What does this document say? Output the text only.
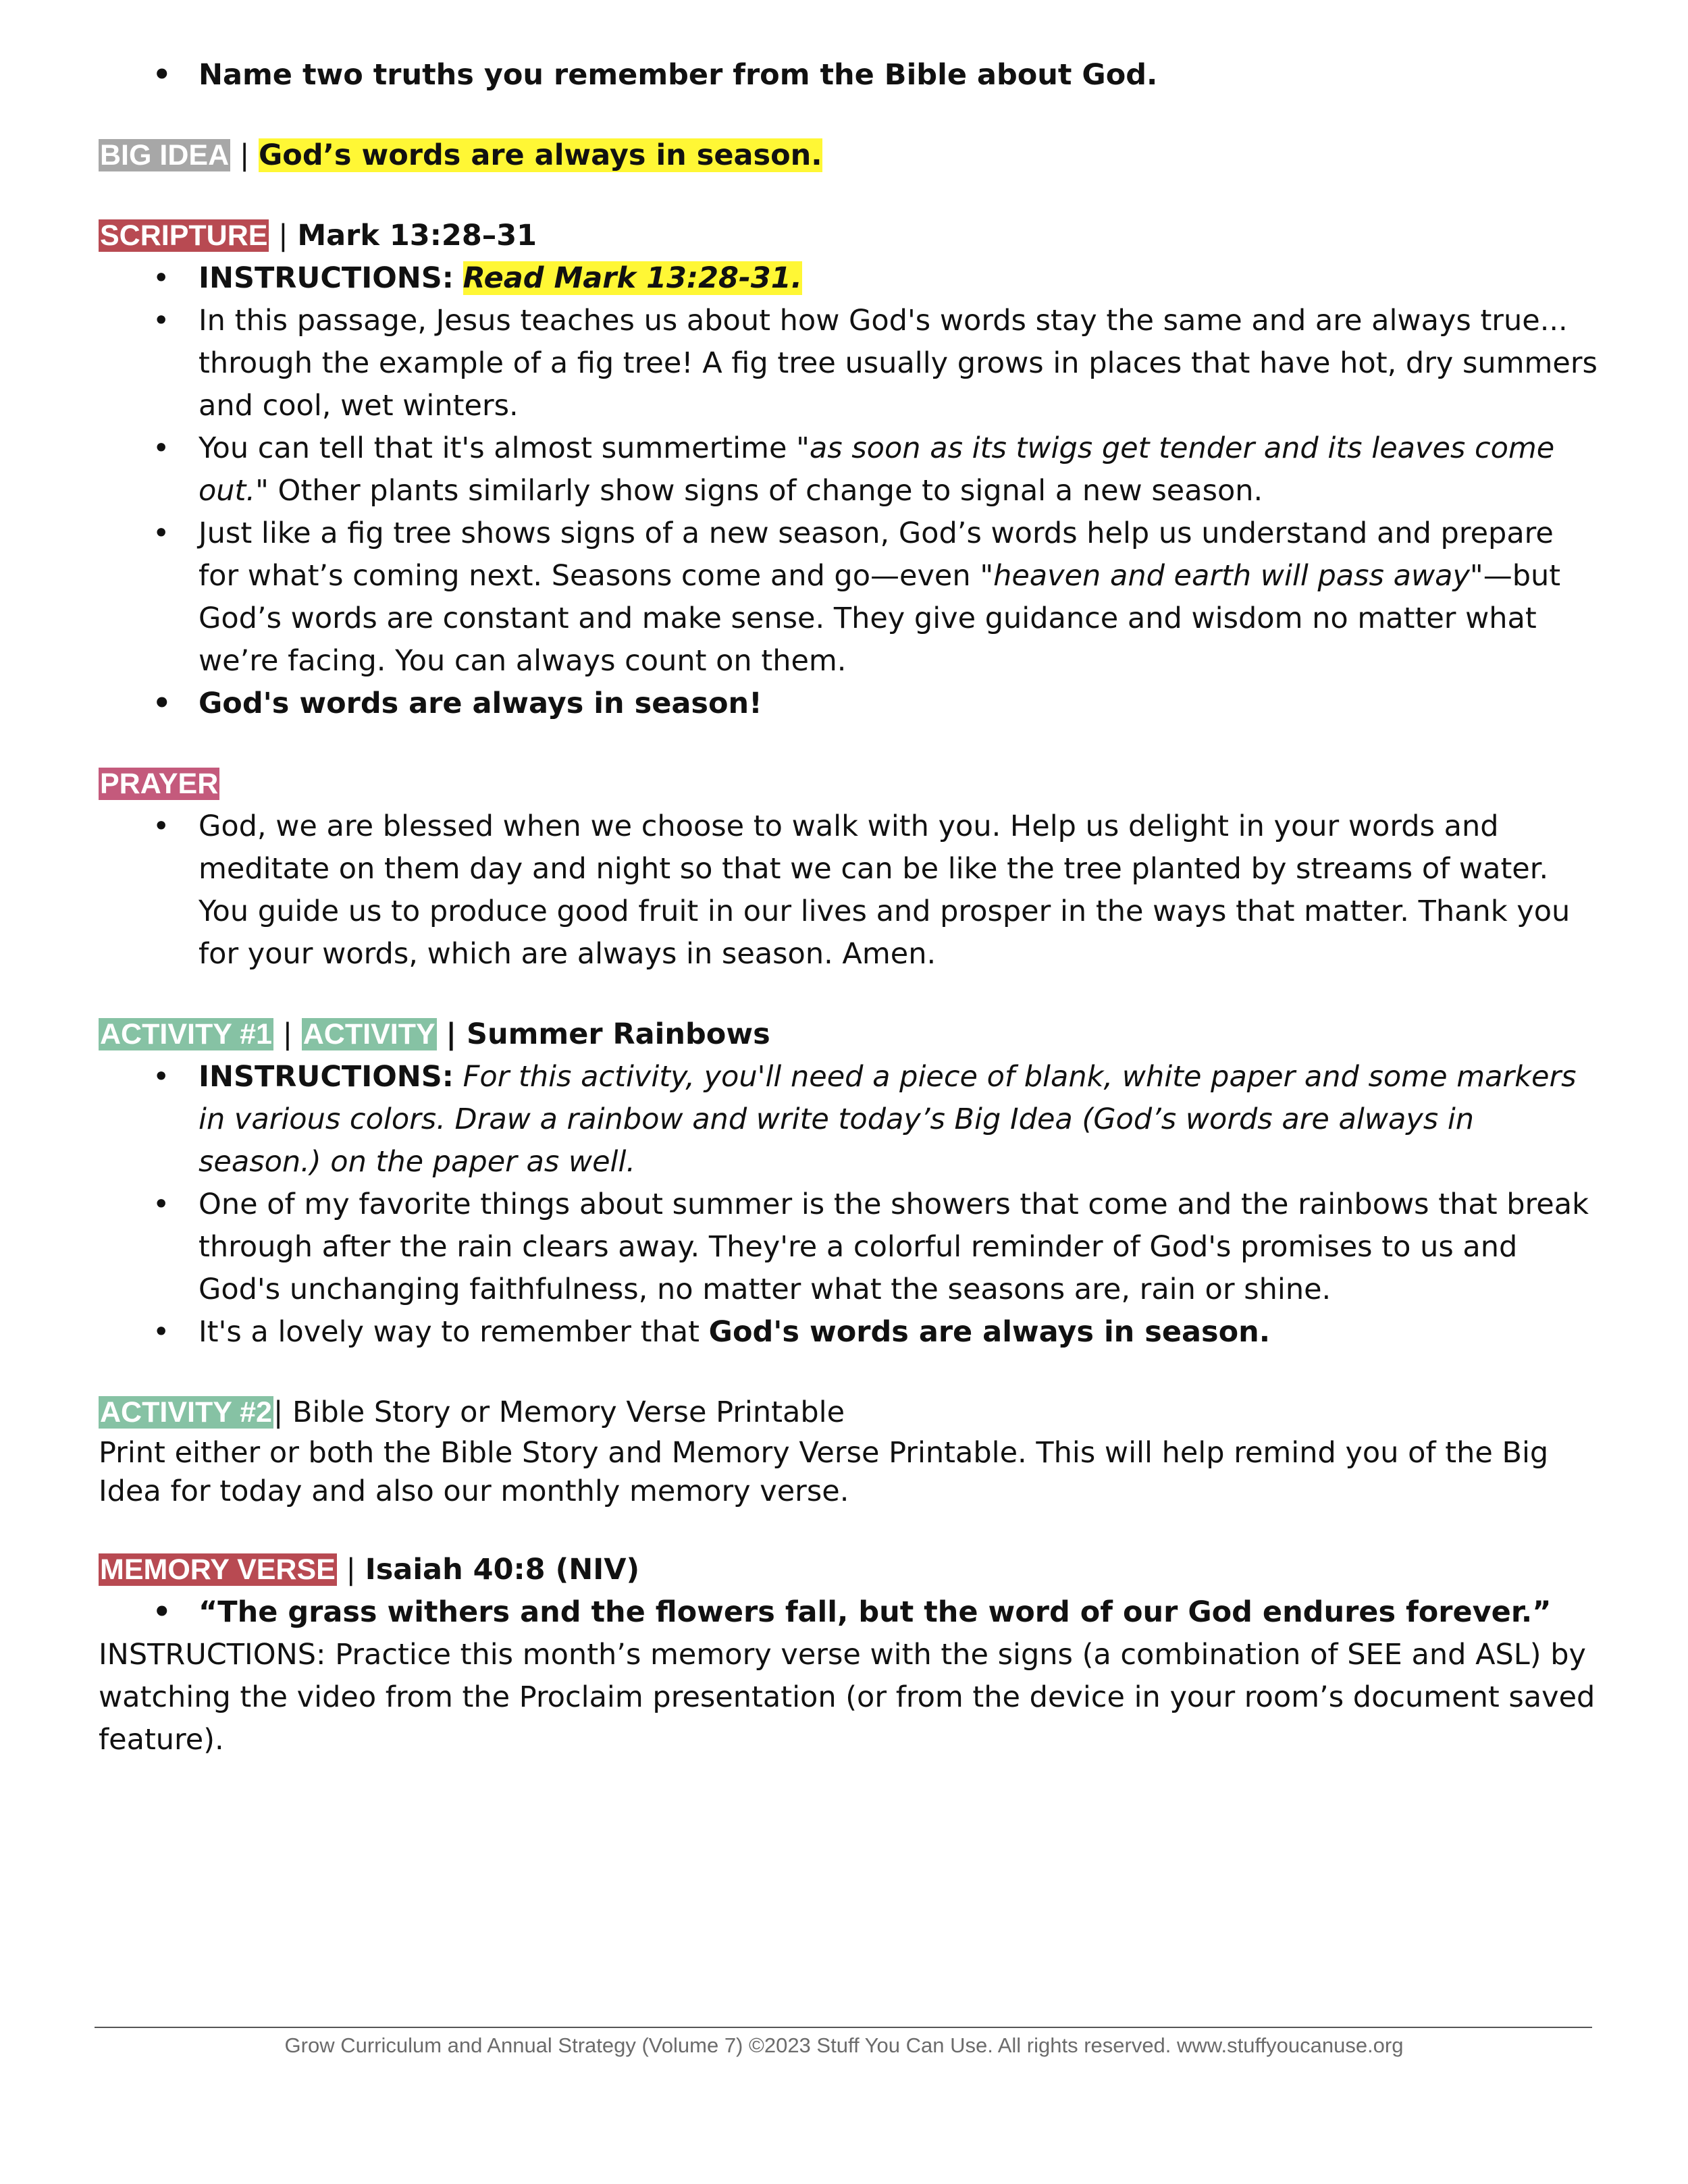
• Name two truths you remember from the Bible about God.

BIG IDEA | God’s words are always in season.

SCRIPTURE | Mark 13:28–31

• INSTRUCTIONS: Read Mark 13:28-31.
• In this passage, Jesus teaches us about how God's words stay the same and are always true... through the example of a fig tree! A fig tree usually grows in places that have hot, dry summers and cool, wet winters.
• You can tell that it's almost summertime "as soon as its twigs get tender and its leaves come out." Other plants similarly show signs of change to signal a new season.
• Just like a fig tree shows signs of a new season, God’s words help us understand and prepare for what’s coming next. Seasons come and go—even "heaven and earth will pass away"—but God’s words are constant and make sense. They give guidance and wisdom no matter what we’re facing. You can always count on them.
• God's words are always in season!

PRAYER

• God, we are blessed when we choose to walk with you. Help us delight in your words and meditate on them day and night so that we can be like the tree planted by streams of water. You guide us to produce good fruit in our lives and prosper in the ways that matter. Thank you for your words, which are always in season. Amen.

ACTIVITY #1 | ACTIVITY | Summer Rainbows

• INSTRUCTIONS: For this activity, you'll need a piece of blank, white paper and some markers in various colors. Draw a rainbow and write today’s Big Idea (God’s words are always in season.) on the paper as well.
• One of my favorite things about summer is the showers that come and the rainbows that break through after the rain clears away. They're a colorful reminder of God's promises to us and God's unchanging faithfulness, no matter what the seasons are, rain or shine.
• It's a lovely way to remember that God's words are always in season.

ACTIVITY #2| Bible Story or Memory Verse Printable

Print either or both the Bible Story and Memory Verse Printable. This will help remind you of the Big Idea for today and also our monthly memory verse.

MEMORY VERSE | Isaiah 40:8 (NIV)

• “The grass withers and the flowers fall, but the word of our God endures forever.”

INSTRUCTIONS: Practice this month’s memory verse with the signs (a combination of SEE and ASL) by watching the video from the Proclaim presentation (or from the device in your room’s document saved feature).

Grow Curriculum and Annual Strategy (Volume 7) ©2023 Stuff You Can Use. All rights reserved. www.stuffyoucanuse.org
